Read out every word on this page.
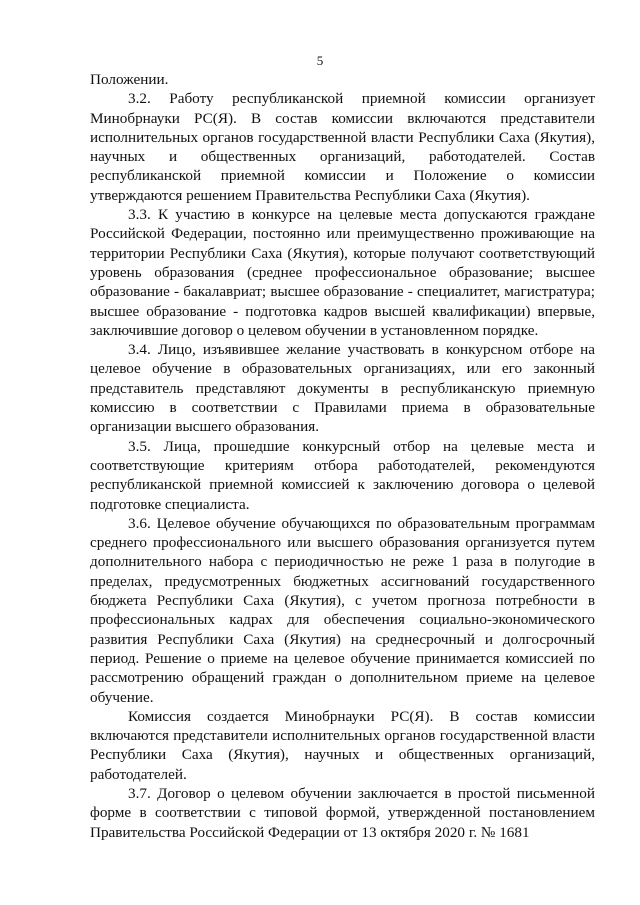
5

Положении.

3.2. Работу республиканской приемной комиссии организует Минобрнауки РС(Я). В состав комиссии включаются представители исполнительных органов государственной власти Республики Саха (Якутия), научных и общественных организаций, работодателей. Состав республиканской приемной комиссии и Положение о комиссии утверждаются решением Правительства Республики Саха (Якутия).

3.3. К участию в конкурсе на целевые места допускаются граждане Российской Федерации, постоянно или преимущественно проживающие на территории Республики Саха (Якутия), которые получают соответствующий уровень образования (среднее профессиональное образование; высшее образование - бакалавриат; высшее образование - специалитет, магистратура; высшее образование - подготовка кадров высшей квалификации) впервые, заключившие договор о целевом обучении в установленном порядке.

3.4. Лицо, изъявившее желание участвовать в конкурсном отборе на целевое обучение в образовательных организациях, или его законный представитель представляют документы в республиканскую приемную комиссию в соответствии с Правилами приема в образовательные организации высшего образования.

3.5. Лица, прошедшие конкурсный отбор на целевые места и соответствующие критериям отбора работодателей, рекомендуются республиканской приемной комиссией к заключению договора о целевой подготовке специалиста.

3.6. Целевое обучение обучающихся по образовательным программам среднего профессионального или высшего образования организуется путем дополнительного набора с периодичностью не реже 1 раза в полугодие в пределах, предусмотренных бюджетных ассигнований государственного бюджета Республики Саха (Якутия), с учетом прогноза потребности в профессиональных кадрах для обеспечения социально-экономического развития Республики Саха (Якутия) на среднесрочный и долгосрочный период. Решение о приеме на целевое обучение принимается комиссией по рассмотрению обращений граждан о дополнительном приеме на целевое обучение.

Комиссия создается Минобрнауки РС(Я). В состав комиссии включаются представители исполнительных органов государственной власти Республики Саха (Якутия), научных и общественных организаций, работодателей.

3.7. Договор о целевом обучении заключается в простой письменной форме в соответствии с типовой формой, утвержденной постановлением Правительства Российской Федерации от 13 октября 2020 г. № 1681
